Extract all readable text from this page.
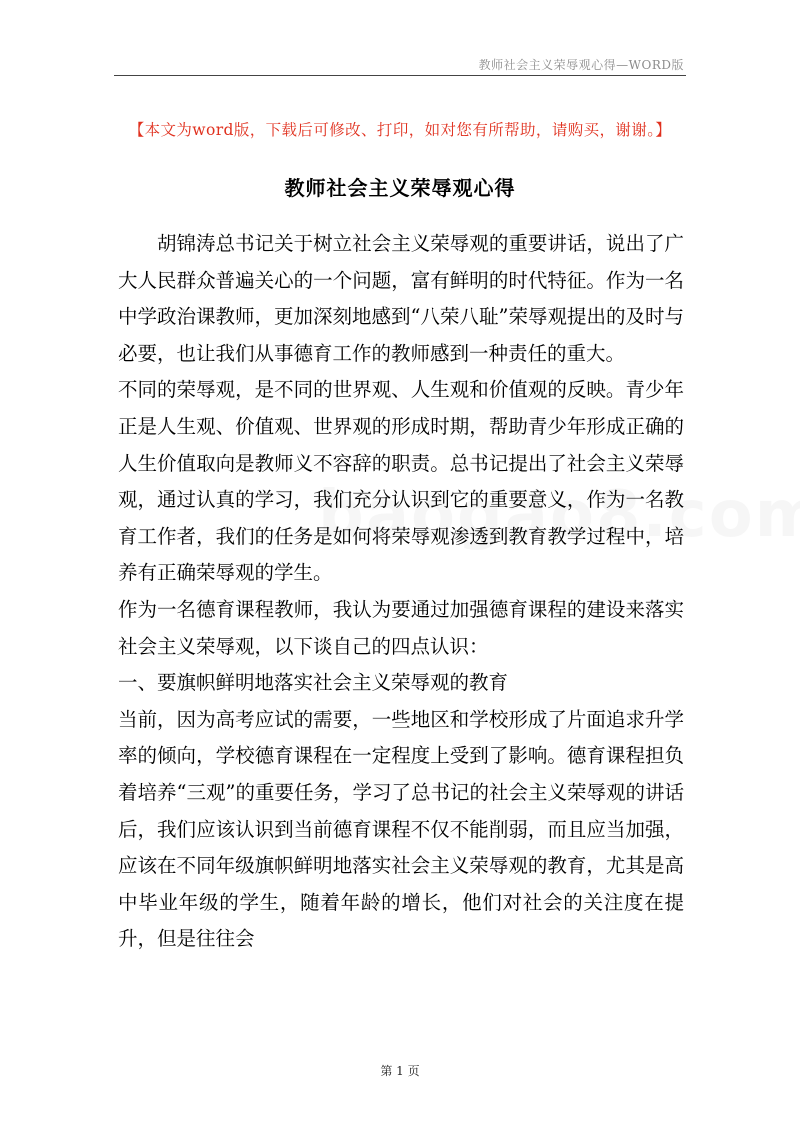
教师社会主义荣辱观心得—WORD版
【本文为word版，下载后可修改、打印，如对您有所帮助，请购买，谢谢。】
教师社会主义荣辱观心得

胡锦涛总书记关于树立社会主义荣辱观的重要讲话，说出了广大人民群众普遍关心的一个问题，富有鲜明的时代特征。作为一名中学政治课教师，更加深刻地感到“八荣八耻”荣辱观提出的及时与必要，也让我们从事德育工作的教师感到一种责任的重大。

不同的荣辱观，是不同的世界观、人生观和价值观的反映。青少年正是人生观、价值观、世界观的形成时期，帮助青少年形成正确的人生价值取向是教师义不容辞的职责。总书记提出了社会主义荣辱观，通过认真的学习，我们充分认识到它的重要意义，作为一名教育工作者，我们的任务是如何将荣辱观渗透到教育教学过程中，培养有正确荣辱观的学生。

作为一名德育课程教师，我认为要通过加强德育课程的建设来落实社会主义荣辱观，以下谈自己的四点认识：

一、要旗帜鲜明地落实社会主义荣辱观的教育

当前，因为高考应试的需要，一些地区和学校形成了片面追求升学率的倾向，学校德育课程在一定程度上受到了影响。德育课程担负着培养“三观”的重要任务，学习了总书记的社会主义荣辱观的讲话后，我们应该认识到当前德育课程不仅不能削弱，而且应当加强，应该在不同年级旗帜鲜明地落实社会主义荣辱观的教育，尤其是高中毕业年级的学生，随着年龄的增长，他们对社会的关注度在提升，但是往往会

第 1 页
